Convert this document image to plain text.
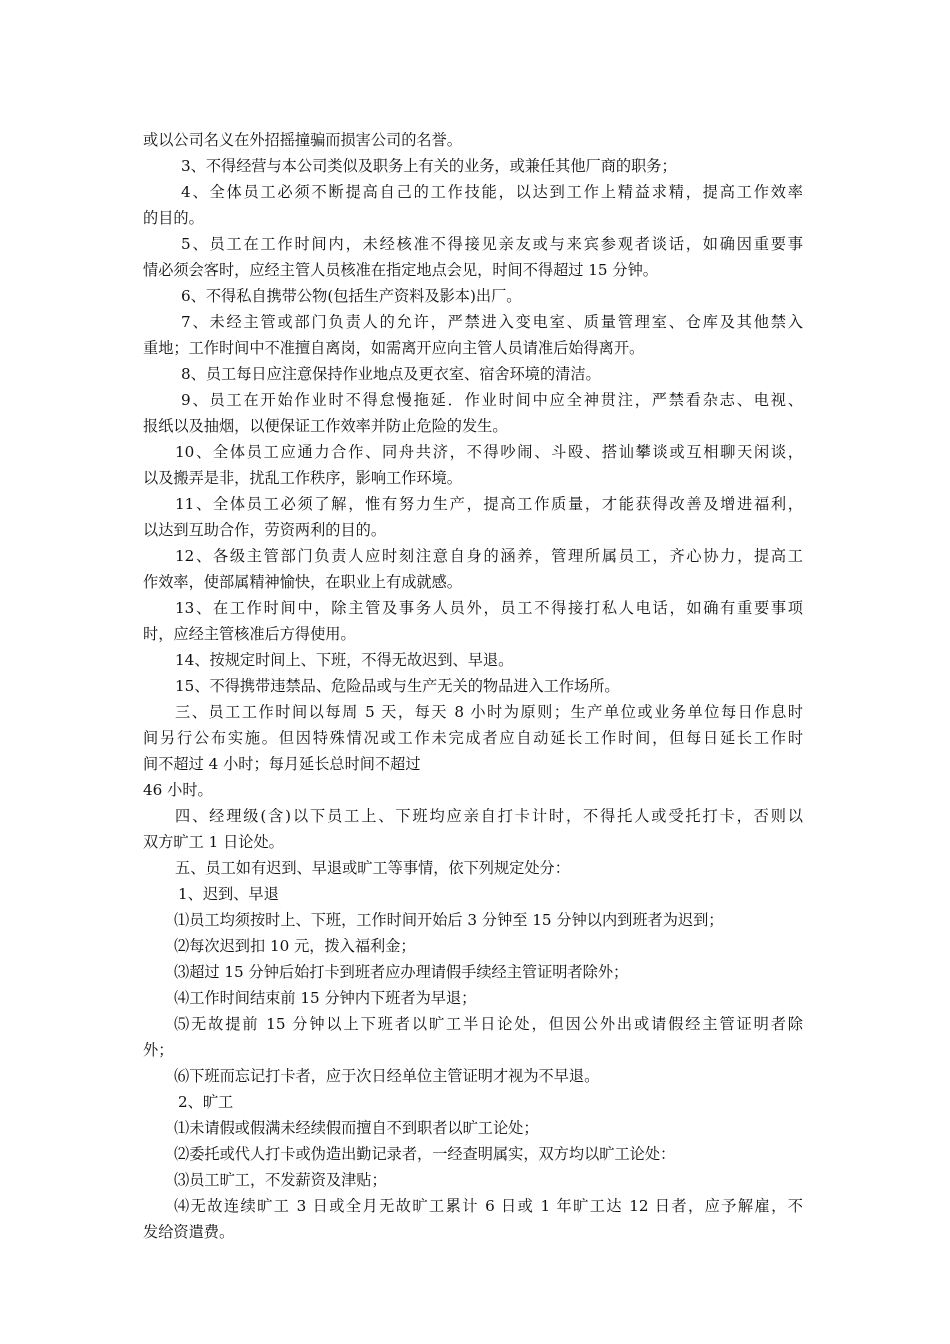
或以公司名义在外招摇撞骗而损害公司的名誉。
3、不得经营与本公司类似及职务上有关的业务，或兼任其他厂商的职务；
4、全体员工必须不断提高自己的工作技能，以达到工作上精益求精，提高工作效率
的目的。
5、员工在工作时间内，未经核准不得接见亲友或与来宾参观者谈话，如确因重要事
情必须会客时，应经主管人员核准在指定地点会见，时间不得超过 15 分钟。
6、不得私自携带公物(包括生产资料及影本)出厂。
7、未经主管或部门负责人的允许，严禁进入变电室、质量管理室、仓库及其他禁入
重地；工作时间中不准擅自离岗，如需离开应向主管人员请准后始得离开。
8、员工每日应注意保持作业地点及更衣室、宿舍环境的清洁。
9、员工在开始作业时不得怠慢拖延．作业时间中应全神贯注，严禁看杂志、电视、
报纸以及抽烟，以便保证工作效率并防止危险的发生。
10、全体员工应通力合作、同舟共济，不得吵闹、斗殴、搭讪攀谈或互相聊天闲谈，
以及搬弄是非，扰乱工作秩序，影响工作环境。
11、全体员工必须了解，惟有努力生产，提高工作质量，才能获得改善及增进福利，
以达到互助合作，劳资两利的目的。
12、各级主管部门负责人应时刻注意自身的涵养，管理所属员工，齐心协力，提高工
作效率，使部属精神愉快，在职业上有成就感。
13、在工作时间中，除主管及事务人员外，员工不得接打私人电话，如确有重要事项
时，应经主管核准后方得使用。
14、按规定时间上、下班，不得无故迟到、早退。
15、不得携带违禁品、危险品或与生产无关的物品进入工作场所。
三、员工工作时间以每周 5 天，每天 8 小时为原则；生产单位或业务单位每日作息时
间另行公布实施。但因特殊情况或工作未完成者应自动延长工作时间，但每日延长工作时
间不超过 4 小时；每月延长总时间不超过
46 小时。
四、经理级(含)以下员工上、下班均应亲自打卡计时，不得托人或受托打卡，否则以
双方旷工 1 日论处。
五、员工如有迟到、早退或旷工等事情，依下列规定处分：
1、迟到、早退
⑴员工均须按时上、下班，工作时间开始后 3 分钟至 15 分钟以内到班者为迟到；
⑵每次迟到扣 10 元，拨入福利金；
⑶超过 15 分钟后始打卡到班者应办理请假手续经主管证明者除外；
⑷工作时间结束前 15 分钟内下班者为早退；
⑸无故提前 15 分钟以上下班者以旷工半日论处，但因公外出或请假经主管证明者除
外；
⑹下班而忘记打卡者，应于次日经单位主管证明才视为不早退。
2、旷工
⑴未请假或假满未经续假而擅自不到职者以旷工论处；
⑵委托或代人打卡或伪造出勤记录者，一经查明属实，双方均以旷工论处：
⑶员工旷工，不发薪资及津贴；
⑷无故连续旷工 3 日或全月无故旷工累计 6 日或 1 年旷工达 12 日者，应予解雇，不
发给资遣费。
